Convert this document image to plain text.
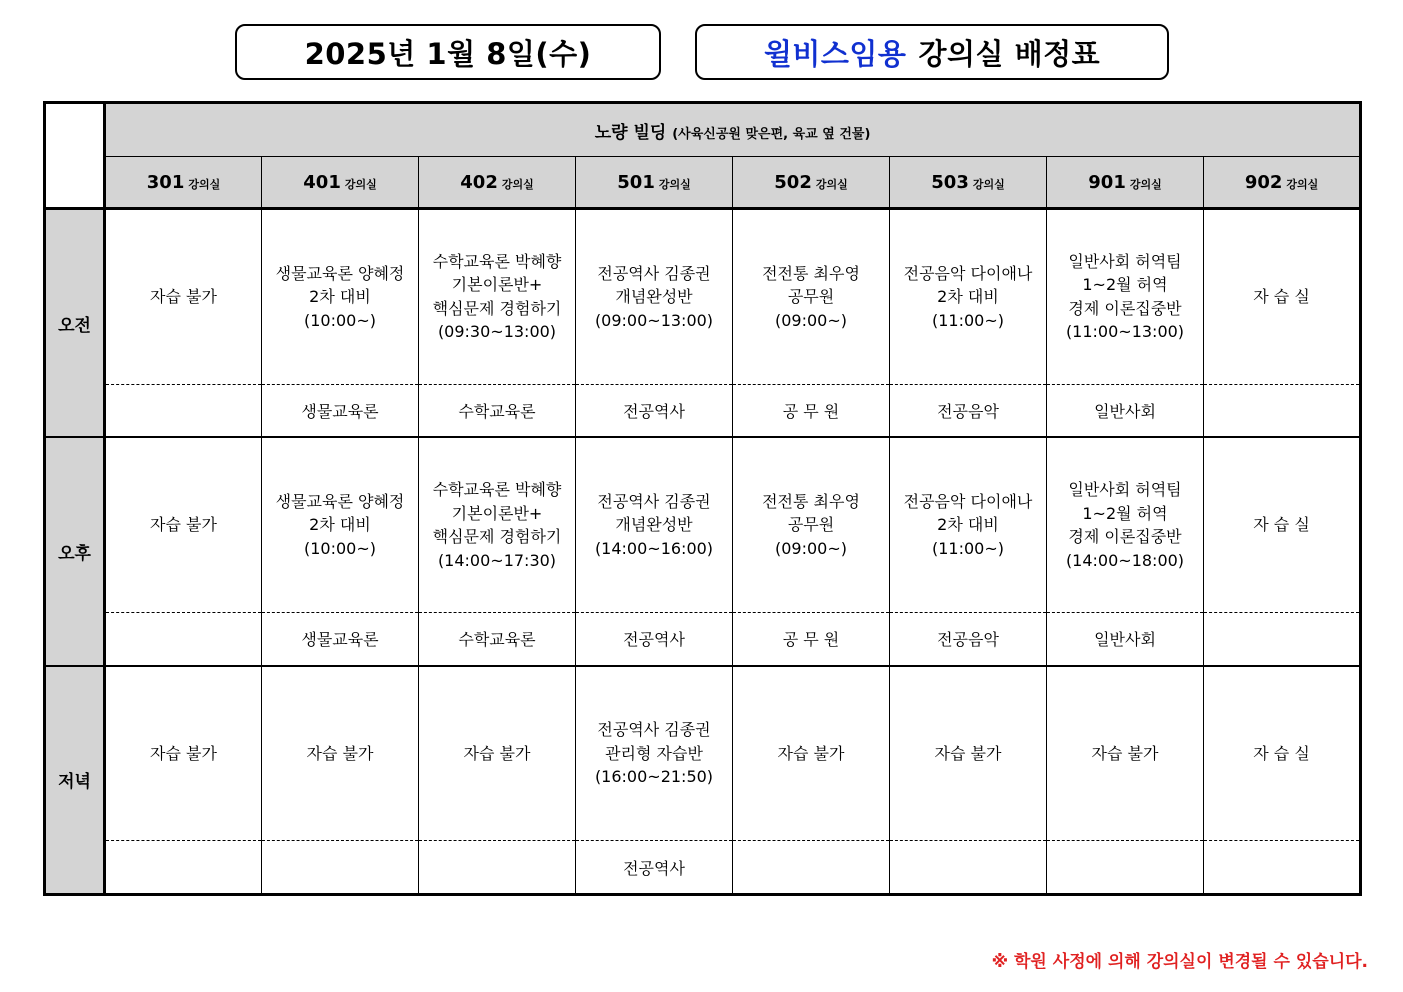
2025년 1월 8일(수)	윌비스임용 강의실 배정표
	노량 빌딩 (사육신공원 맞은편, 육교 옆 건물)							
	301 강의실	401 강의실	402 강의실	501 강의실	502 강의실	503 강의실	901 강의실	902 강의실
오전	자습 불가	생물교육론 양혜정
2차 대비
(10:00~)	수학교육론 박혜향
기본이론반+
핵심문제 경험하기
(09:30~13:00)	전공역사 김종권
개념완성반
(09:00~13:00)	전전통 최우영
공무원
(09:00~)	전공음악 다이애나
2차 대비
(11:00~)	일반사회 허역팀
1~2월 허역
경제 이론집중반
(11:00~13:00)	자 습 실

		생물교육론	수학교육론	전공역사	공 무 원	전공음악	일반사회	
오후	자습 불가	생물교육론 양혜정
2차 대비
(10:00~)	수학교육론 박혜향
기본이론반+
핵심문제 경험하기
(14:00~17:30)	전공역사 김종권
개념완성반
(14:00~16:00)	전전통 최우영
공무원
(09:00~)	전공음악 다이애나
2차 대비
(11:00~)	일반사회 허역팀
1~2월 허역
경제 이론집중반
(14:00~18:00)	자 습 실

		생물교육론	수학교육론	전공역사	공 무 원	전공음악	일반사회	
저녁	자습 불가	자습 불가	자습 불가	전공역사 김종권
관리형 자습반
(16:00~21:50)	자습 불가	자습 불가	자습 불가	자 습 실

				전공역사				
※ 학원 사정에 의해 강의실이 변경될 수 있습니다.
